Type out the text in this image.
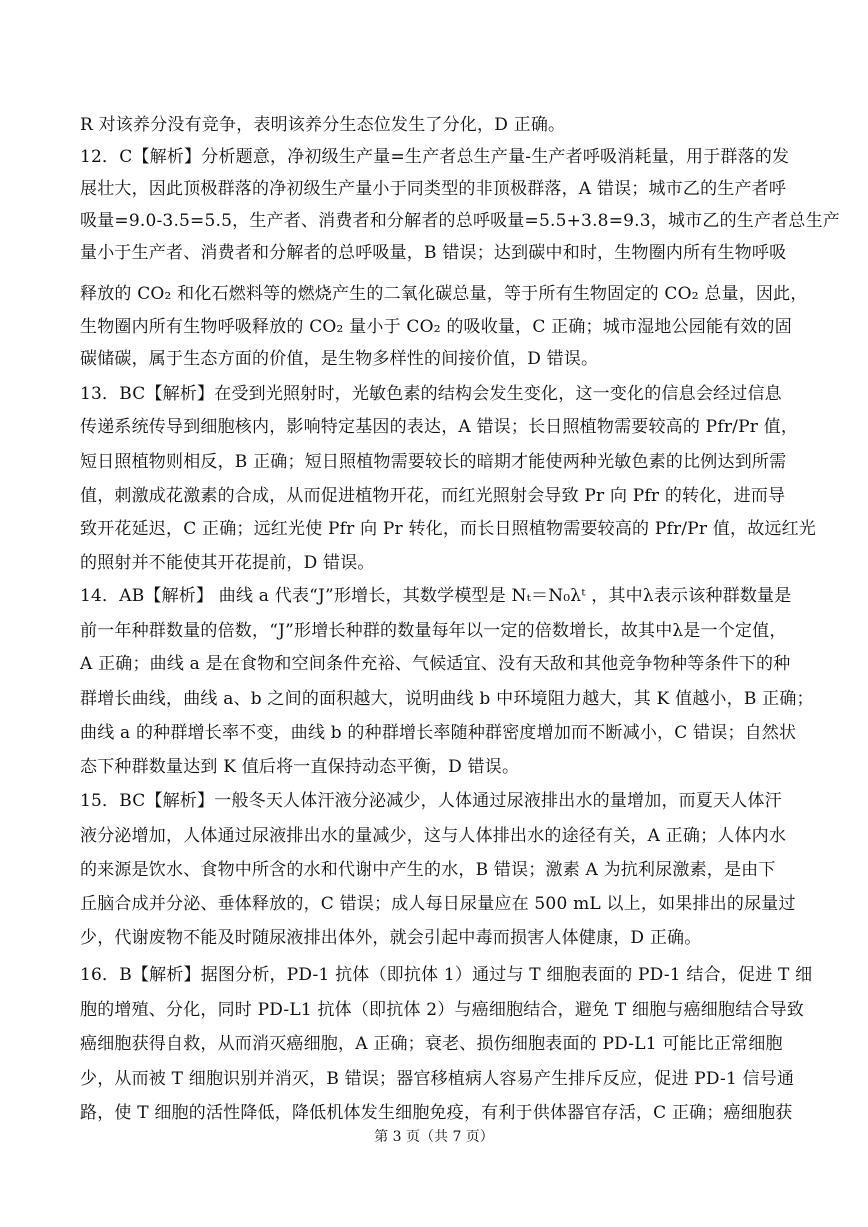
R 对该养分没有竞争，表明该养分生态位发生了分化，D 正确。
12．C【解析】分析题意，净初级生产量=生产者总生产量-生产者呼吸消耗量，用于群落的发
展壮大，因此顶极群落的净初级生产量小于同类型的非顶极群落，A 错误；城市乙的生产者呼
吸量=9.0-3.5=5.5，生产者、消费者和分解者的总呼吸量=5.5+3.8=9.3，城市乙的生产者总生产
量小于生产者、消费者和分解者的总呼吸量，B 错误；达到碳中和时，生物圈内所有生物呼吸
释放的 CO₂ 和化石燃料等的燃烧产生的二氧化碳总量，等于所有生物固定的 CO₂ 总量，因此，
生物圈内所有生物呼吸释放的 CO₂ 量小于 CO₂ 的吸收量，C 正确；城市湿地公园能有效的固
碳储碳，属于生态方面的价值，是生物多样性的间接价值，D 错误。
13．BC【解析】在受到光照射时，光敏色素的结构会发生变化，这一变化的信息会经过信息
传递系统传导到细胞核内，影响特定基因的表达，A 错误；长日照植物需要较高的 Pfr/Pr 值，
短日照植物则相反，B 正确；短日照植物需要较长的暗期才能使两种光敏色素的比例达到所需
值，刺激成花激素的合成，从而促进植物开花，而红光照射会导致 Pr 向 Pfr 的转化，进而导
致开花延迟，C 正确；远红光使 Pfr 向 Pr 转化，而长日照植物需要较高的 Pfr/Pr 值，故远红光
的照射并不能使其开花提前，D 错误。
14．AB【解析】 曲线 a 代表“J”形增长，其数学模型是 Nₜ＝N₀λᵗ ，其中λ表示该种群数量是
前一年种群数量的倍数，“J”形增长种群的数量每年以一定的倍数增长，故其中λ是一个定值，
A 正确；曲线 a 是在食物和空间条件充裕、气候适宜、没有天敌和其他竞争物种等条件下的种
群增长曲线，曲线 a、b 之间的面积越大，说明曲线 b 中环境阻力越大，其 K 值越小，B 正确；
曲线 a 的种群增长率不变，曲线 b 的种群增长率随种群密度增加而不断减小，C 错误；自然状
态下种群数量达到 K 值后将一直保持动态平衡，D 错误。
15．BC【解析】一般冬天人体汗液分泌减少，人体通过尿液排出水的量增加，而夏天人体汗
液分泌增加，人体通过尿液排出水的量减少，这与人体排出水的途径有关，A 正确；人体内水
的来源是饮水、食物中所含的水和代谢中产生的水，B 错误；激素 A 为抗利尿激素，是由下
丘脑合成并分泌、垂体释放的，C 错误；成人每日尿量应在 500 mL 以上，如果排出的尿量过
少，代谢废物不能及时随尿液排出体外，就会引起中毒而损害人体健康，D 正确。
16．B【解析】据图分析，PD-1 抗体（即抗体 1）通过与 T 细胞表面的 PD-1 结合，促进 T 细
胞的增殖、分化，同时 PD-L1 抗体（即抗体 2）与癌细胞结合，避免 T 细胞与癌细胞结合导致
癌细胞获得自救，从而消灭癌细胞，A 正确；衰老、损伤细胞表面的 PD-L1 可能比正常细胞
少，从而被 T 细胞识别并消灭，B 错误；器官移植病人容易产生排斥反应，促进 PD-1 信号通
路，使 T 细胞的活性降低，降低机体发生细胞免疫，有利于供体器官存活，C 正确；癌细胞获
第 3 页（共 7 页）
